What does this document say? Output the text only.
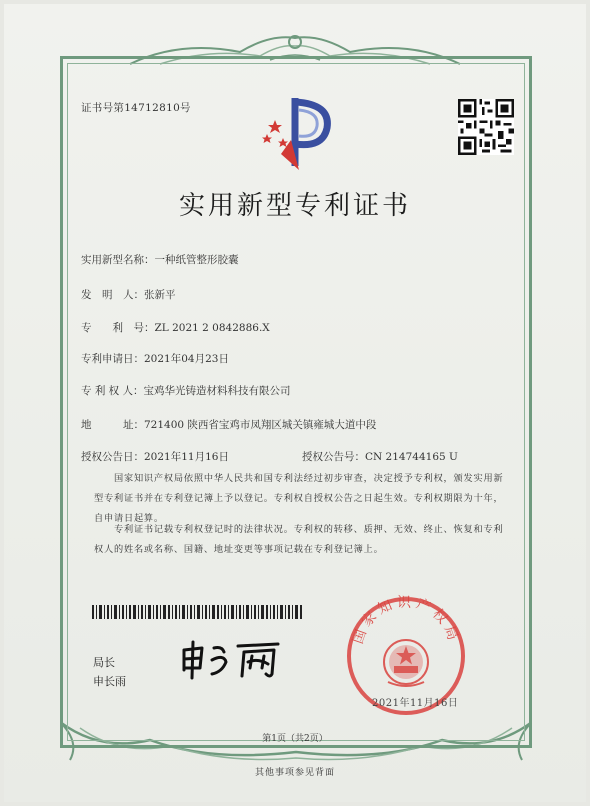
证书号第14712810号
实用新型专利证书
实用新型名称：一种纸管整形胶囊
发　明　人：张新平
专　　利　号：ZL 2021 2 0842886.X
专利申请日：2021年04月23日
专 利 权 人：宝鸡华光铸造材料科技有限公司
地　　　址：721400 陕西省宝鸡市凤翔区城关镇雍城大道中段
授权公告日：2021年11月16日	授权公告号：CN 214744165 U
　　国家知识产权局依照中华人民共和国专利法经过初步审查，决定授予专利权，颁发实用新型专利证书并在专利登记簿上予以登记。专利权自授权公告之日起生效。专利权期限为十年，自申请日起算。
　　专利证书记载专利权登记时的法律状况。专利权的转移、质押、无效、终止、恢复和专利权人的姓名或名称、国籍、地址变更等事项记载在专利登记簿上。
局长
申长雨
国家知识产权局
2021年11月16日
第1页（共2页）
其他事项参见背面
